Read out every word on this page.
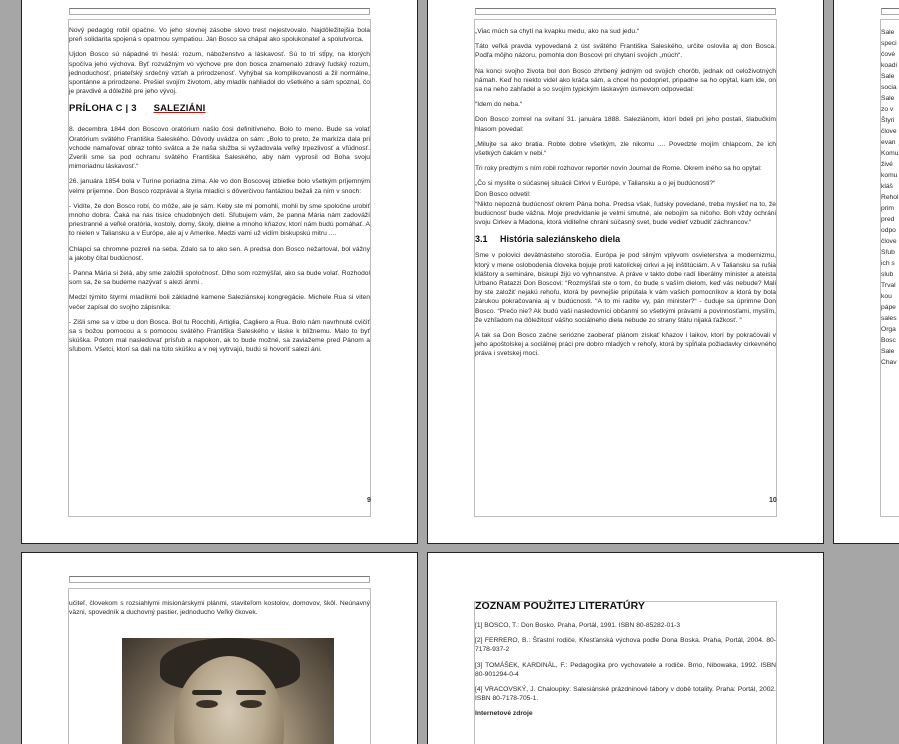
Nový pedagóg robil opačne. Vo jeho slovnej zásobe slovo trest nejestvovalo. Najdôležitejšia bola preň solidarita spojená s opatrnou sympatiou. Ján Bosco sa chápal ako spolukonateľ a spolutvorca.

Ujdon Bosco sú nápadné tri heslá: rozum, náboženstvo a láskavosť. Sú to tri stĺpy, na ktorých spočíva jeho výchova. Byť rozvážným vo výchove pre don bosca znamenalo zdravý ľudský rozum, jednoduchosť, priateľský srdečný vzťah a prirodzenosť. Vyhýbal sa komplikovanosti a žil normálne, spontánne a prirodzene. Prešiel svojím životom, aby mladík nahliadol do všetkého a sám spoznal, čo je pravdivé a dôležité pre jeho vývoj.

PRÍLOHA C | 3 SALEZIÁNI

8. decembra 1844 don Boscovo oratórium našlo čosi definitívneho. Bolo to meno. Bude sa volať Oratórium svätého Františka Saleského. Dôvody uvádza on sám: „Bolo to preto, že markíza dala pri vchode namaľovať obraz tohto svätca a že naša služba si vyžadovala veľký trpezlivosť a vľúdnosť. Zverili sme sa pod ochranu svätého Františka Saleského, aby nám vyprosil od Boha svoju mimoriadnu láskavosť.“

26. januára 1854 bola v Turíne poriadna zima. Ale vo don Boscovej izbietke bolo všetkým príjemným velmi príjemne. Don Bosco rozprával a štyria mladíci s dôverčivou fantáziou bežali za ním v snoch:

- Vidíte, že don Bosco robí, čo môže, ale je sám. Keby ste mi pomohli, mohli by sme spoločne urobiť mnoho dobra. Čaká na nás tisíce chudobných detí. Sľubujem vám, že panna Mária nám zadováží priestranné a veľké oratória, kostoly, domy, školy, dielne a mnoho kňazov, ktorí nám budú pomáhať. A to nielen v Taliansku a v Európe, ale aj v Amerike. Medzi vami už vidím biskupskú mitru ....

Chlapci sa chromne pozreli na seba. Zdalo sa to ako sen. A predsa don Bosco nežartoval, bol vážny a jakoby čítal budúcnosť.

- Panna Mária si želá, aby sme založili spoločnosť. Dlho som rozmýšľal, ako sa bude volať. Rozhodol som sa, že sa budeme nazývať s alezi ánmi .

Medzi týmito štyrmi mladíkmi boli základné kamene Saleziánskej kongregácie. Michele Rua si viten večer zapísal do svojho zápisníka:

- Zišli sme sa v izbe u don Bosca. Bol tu Rocchiti, Artiglia, Cagliero a Rua. Bolo nám navrhnuté cvičiť sa s božou pomocou a s pomocou svätého Františka Saleského v láske k blížnemu. Malo to byť skúška. Potom mal nasledovať prísľub a napokon, ak to bude možné, sa zaviažeme pred Pánom a sľubom. Všetci, ktorí sa dali na túto skúšku a v nej vytrvajú, budú si hovoriť salezi áni.

9

„Viac múch sa chytí na kvapku medu, ako na sud jedu.“

Táto veľká pravda vypovedaná z úst svätého Františka Saleského, určite oslovila aj don Bosca. Podľa môjho názoru, pomohla don Boscovi pri chytaní svojich „múch“.

Na konci svojho života bol don Bosco zhrbený jedným od svojich chorôb, jednak od celoživotných námah. Keď ho niekto videl ako kráča sám, a chcel ho podopriet, pripadne sa ho opýtal, kam ide, on sa na neho zahľadel a so svojím typickým láskavým úsmevom odpovedal:

“Idem do neba.“

Don Bosco zomrel na svitaní 31. januára 1888. Saleziánom, ktorí bdeli pri jeho postali, šlabučkím hlasom povedal:

„Milujte sa ako bratia. Robte dobre všetkým, zle nikomu .... Povedzte mojím chlapcom, že ich všetkých čakám v nebi.“

Tri roky predtým s ním robil rozhovor reportér novín Journal de Rome. Okrem iného sa ho opýtal:

„Čo si myslíte o súčasnej situácii Cirkvi v Európe, v Taliansku a o jej budúcnosti?“

Don Bosco odvetil:

“Nikto nepozná budúcnosť okrem Pána boha. Predsa však, ľudsky povedané, treba myslieť na to, že budúcnosť bude vážna. Moje predvídanie je velmi smutné, ale nebojím sa ničoho. Boh vždy ochráni svoju Cirkev a Madona, ktorá viditeľne chráni súčasný svet, bude vedieť vzbudiť záchrancov.“

3.1 História saleziánskeho diela

Sme v polovici devätnásteho storočia. Európa je pod silným vplyvom osvieterstva a modernizmu, ktorý v mene oslobodenia človeka bojuje proti katolíckej cirkvi a jej inštitúciám. A v Taliansku sa rušia kláštory a semináre, biskupi žijú vo vyhnanstve. A práve v takto dobe radí liberálny minister a ateista Urbano Ratazzi Don Boscovi: “Rozmýšľali ste o tom, čo bude s vaším dielom, keď vás nebude? Mali by ste založiť nejakú rehoľu, ktorá by pevnejšie pripútala k vám vašich pomocníkov a ktorá by bola zárukou pokračovania aj v budúcnosti. “A to mi radíte vy, pán minister?“ - čuduje sa úprimne Don Bosco. “Prečo nie? Ak budú vaši nasledovníci občanmi so všetkými právami a povinnosťami, myslím, že vzhľadom na dôležitosť vášho sociálneho diela nebude zo strany štátu nijaká ťažkosť. “

A tak sa Don Bosco začne seriózne zaoberať plánom získať kňazov i laikov, ktorí by pokračovali v jeho apoštolskej a sociálnej práci pre dobro mladých v rehoľy, ktorá by spĺňala požiadavky cirkevného práva i svetskej moci.

10
Sale
speci
čové
koadi
Sale
socia
Sale
zo v
Štyri
člove
evan
Komu
živé
komu
kláš
Rehol
prim
pred
odpo
člove
Sľub
ich s
slub
Trval
kou
pápe
sales
Orga
Bosc
Sale
Chav

učiteľ, človekom s rozsiahlymi misionárskymi plánmi, staviteľom kostolov, domovov, škôl. Neúnavný väzni, spovedník a duchovný pastier, jednoducho Veľký čkovek.

ZOZNAM POUŽITEJ LITERATÚRY

[1] BOSCO, T.: Don Bosko. Praha, Portál, 1991. ISBN 80-85282-01-3

[2] FERRERO, B.: Šťastní rodiče, Křesťanská výchova podle Dona Boska. Praha, Portál, 2004. 80-7178-937-2

[3] TOMÁŠEK, KARDINÁL, F.: Pedagogika pro vychovatele a rodiče. Brno, Nibowaka, 1992. ISBN 80-901294-0-4

[4] VRACOVSKÝ, J. Chaloupky: Salesiánské prázdninové tábory v době totality. Praha: Portál, 2002. ISBN 80-7178-705-1.

Internetové zdroje
